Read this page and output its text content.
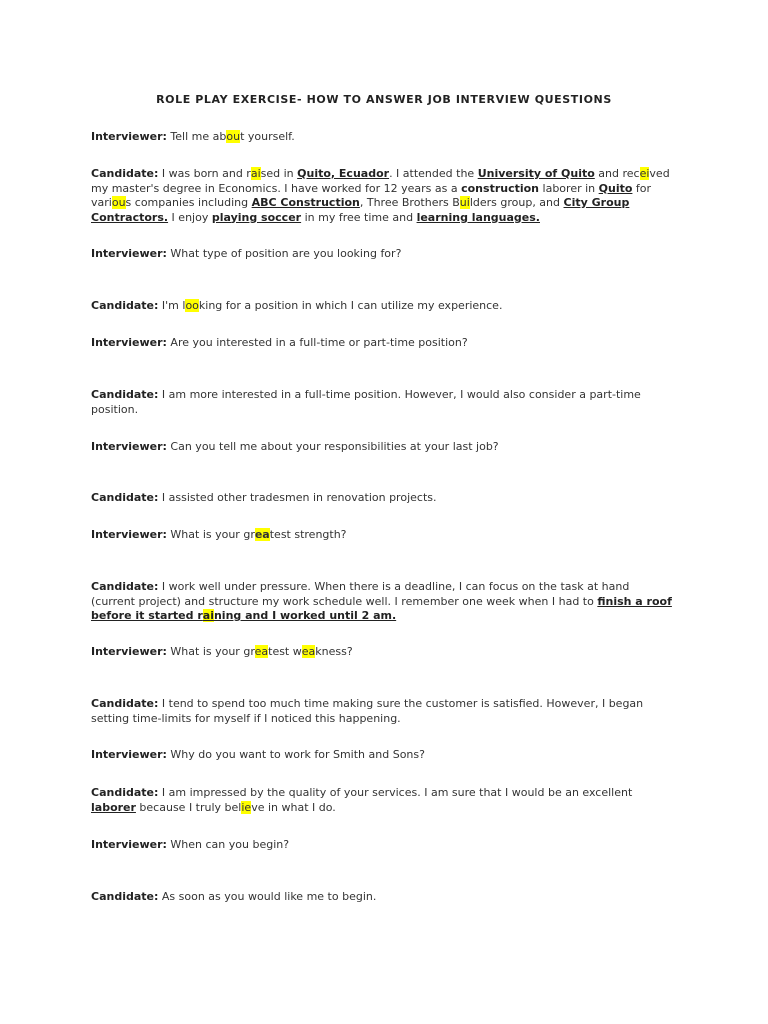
ROLE PLAY EXERCISE- HOW TO ANSWER JOB INTERVIEW QUESTIONS
Interviewer: Tell me about yourself.
Candidate: I was born and raised in Quito, Ecuador. I attended the University of Quito and received my master's degree in Economics. I have worked for 12 years as a construction laborer in Quito for various companies including ABC Construction, Three Brothers Builders group, and City Group Contractors. I enjoy playing soccer in my free time and learning languages.
Interviewer: What type of position are you looking for?
Candidate: I'm looking for a position in which I can utilize my experience.
Interviewer: Are you interested in a full-time or part-time position?
Candidate: I am more interested in a full-time position. However, I would also consider a part-time position.
Interviewer: Can you tell me about your responsibilities at your last job?
Candidate: I assisted other tradesmen in renovation projects.
Interviewer: What is your greatest strength?
Candidate: I work well under pressure. When there is a deadline, I can focus on the task at hand (current project) and structure my work schedule well. I remember one week when I had to finish a roof before it started raining and I worked until 2 am.
Interviewer: What is your greatest weakness?
Candidate: I tend to spend too much time making sure the customer is satisfied. However, I began setting time-limits for myself if I noticed this happening.
Interviewer: Why do you want to work for Smith and Sons?
Candidate: I am impressed by the quality of your services. I am sure that I would be an excellent laborer because I truly believe in what I do.
Interviewer: When can you begin?
Candidate: As soon as you would like me to begin.
